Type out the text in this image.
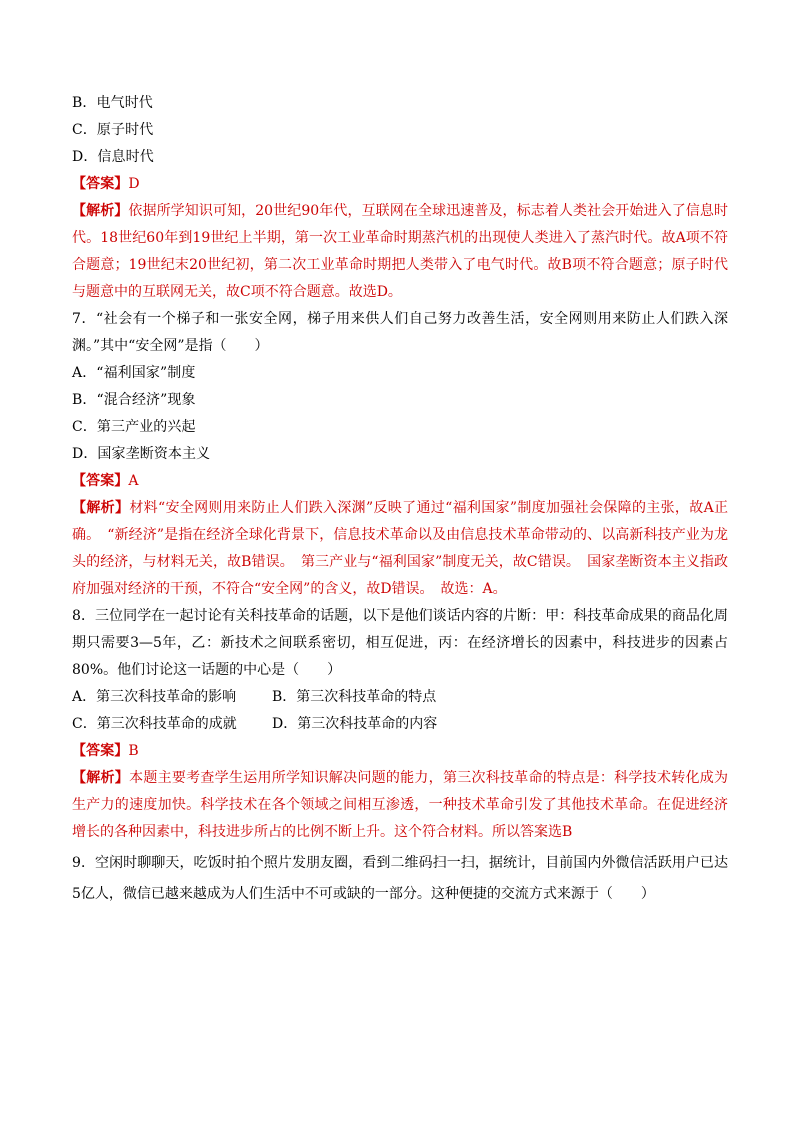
B．电气时代
C．原子时代
D．信息时代
【答案】D
【解析】依据所学知识可知，20世纪90年代，互联网在全球迅速普及，标志着人类社会开始进入了信息时代。18世纪60年到19世纪上半期，第一次工业革命时期蒸汽机的出现使人类进入了蒸汽时代。故A项不符合题意；19世纪末20世纪初，第二次工业革命时期把人类带入了电气时代。故B项不符合题意；原子时代与题意中的互联网无关，故C项不符合题意。故选D。
7．“社会有一个梯子和一张安全网，梯子用来供人们自己努力改善生活，安全网则用来防止人们跌入深渊。”其中“安全网”是指（　　）
A．“福利国家”制度
B．“混合经济”现象
C．第三产业的兴起
D．国家垄断资本主义
【答案】A
【解析】材料“安全网则用来防止人们跌入深渊”反映了通过“福利国家”制度加强社会保障的主张，故A正确。　“新经济”是指在经济全球化背景下，信息技术革命以及由信息技术革命带动的、以高新科技产业为龙头的经济，与材料无关，故B错误。　第三产业与“福利国家”制度无关，故C错误。　国家垄断资本主义指政府加强对经济的干预，不符合“安全网”的含义，故D错误。　故选：A。
8．三位同学在一起讨论有关科技革命的话题，以下是他们谈话内容的片断：甲：科技革命成果的商品化周期只需要3—5年，乙：新技术之间联系密切，相互促进，丙：在经济增长的因素中，科技进步的因素占80%。他们讨论这一话题的中心是（　　）
A．第三次科技革命的影响	B．第三次科技革命的特点
C．第三次科技革命的成就	D．第三次科技革命的内容
【答案】B
【解析】本题主要考查学生运用所学知识解决问题的能力，第三次科技革命的特点是：科学技术转化成为生产力的速度加快。科学技术在各个领域之间相互渗透，一种技术革命引发了其他技术革命。在促进经济增长的各种因素中，科技进步所占的比例不断上升。这个符合材料。所以答案选B
9．空闲时聊聊天，吃饭时拍个照片发朋友圈，看到二维码扫一扫，据统计，目前国内外微信活跃用户已达5亿人，微信已越来越成为人们生活中不可或缺的一部分。这种便捷的交流方式来源于（　　）
